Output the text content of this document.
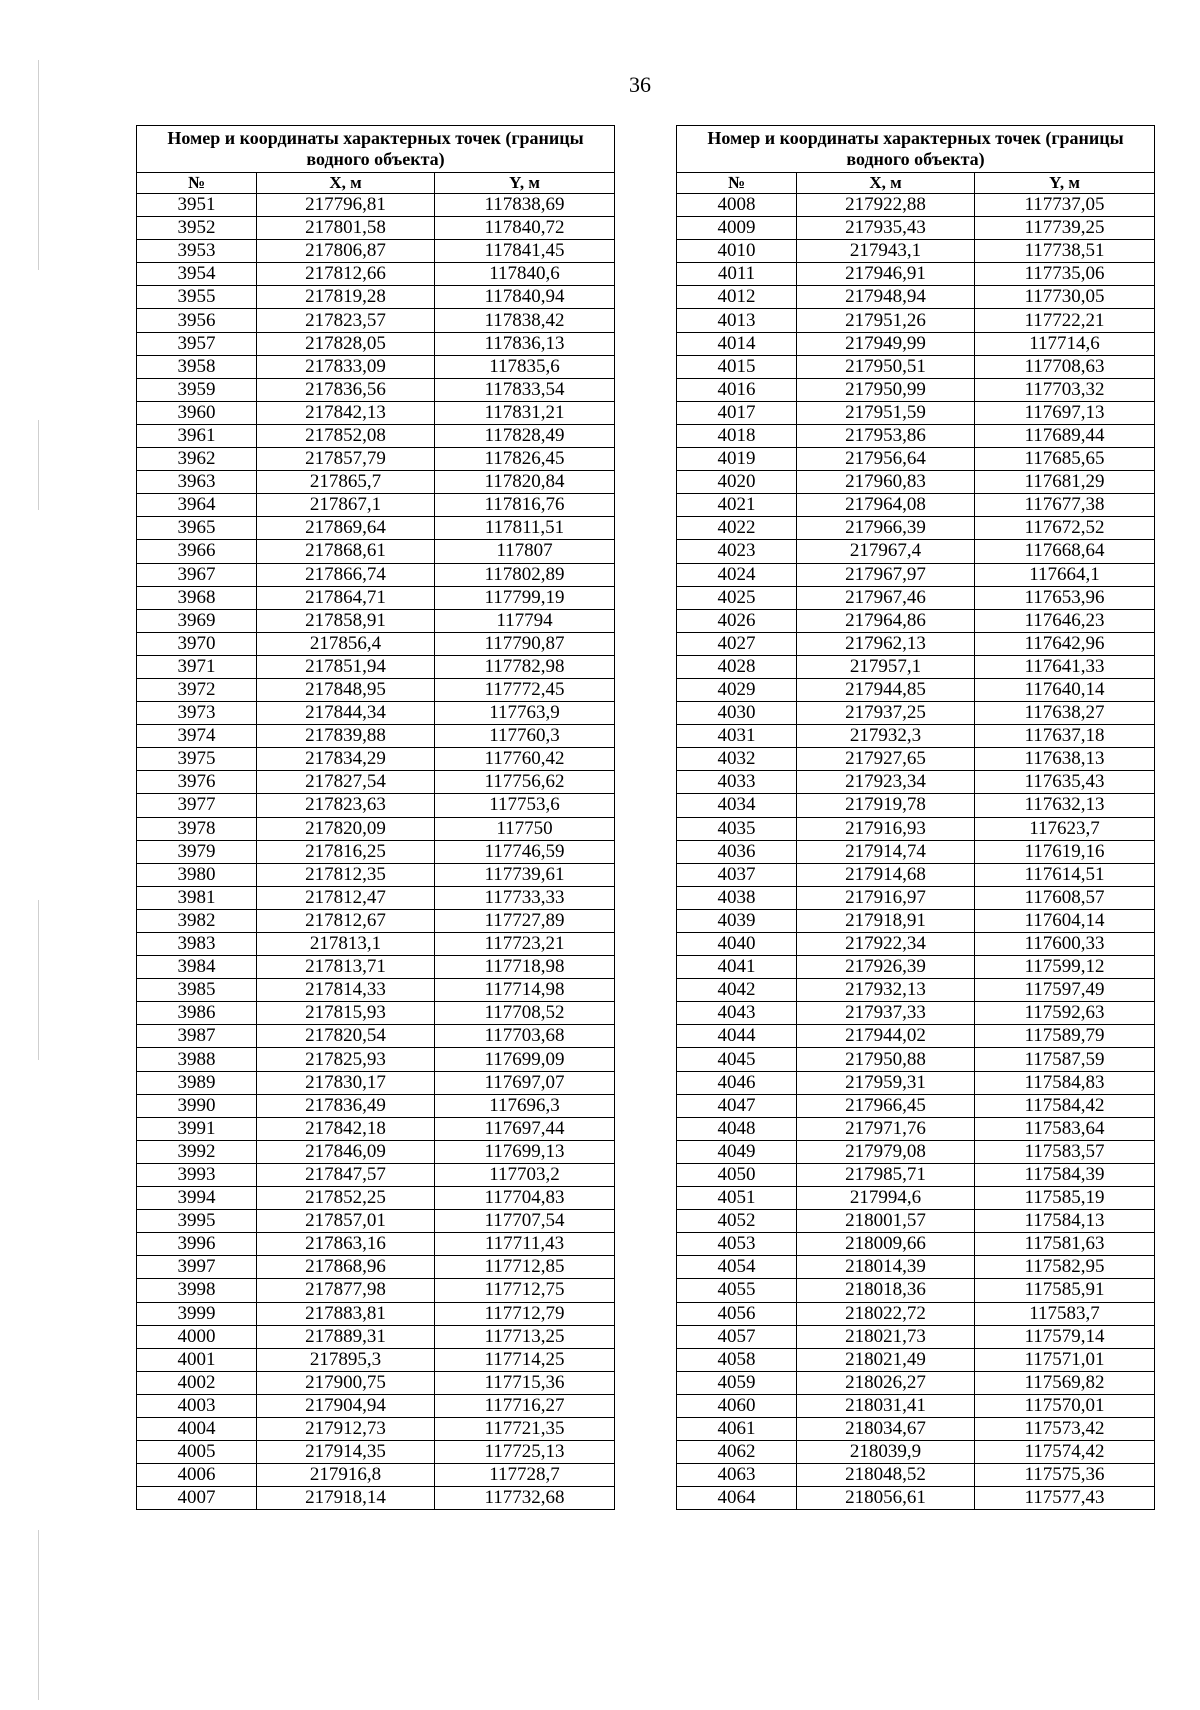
36
Номер и координаты характерных точек (границы водного объекта)		
№	X, м	Y, м
3951	217796,81	117838,69
3952	217801,58	117840,72
3953	217806,87	117841,45
3954	217812,66	117840,6
3955	217819,28	117840,94
3956	217823,57	117838,42
3957	217828,05	117836,13
3958	217833,09	117835,6
3959	217836,56	117833,54
3960	217842,13	117831,21
3961	217852,08	117828,49
3962	217857,79	117826,45
3963	217865,7	117820,84
3964	217867,1	117816,76
3965	217869,64	117811,51
3966	217868,61	117807
3967	217866,74	117802,89
3968	217864,71	117799,19
3969	217858,91	117794
3970	217856,4	117790,87
3971	217851,94	117782,98
3972	217848,95	117772,45
3973	217844,34	117763,9
3974	217839,88	117760,3
3975	217834,29	117760,42
3976	217827,54	117756,62
3977	217823,63	117753,6
3978	217820,09	117750
3979	217816,25	117746,59
3980	217812,35	117739,61
3981	217812,47	117733,33
3982	217812,67	117727,89
3983	217813,1	117723,21
3984	217813,71	117718,98
3985	217814,33	117714,98
3986	217815,93	117708,52
3987	217820,54	117703,68
3988	217825,93	117699,09
3989	217830,17	117697,07
3990	217836,49	117696,3
3991	217842,18	117697,44
3992	217846,09	117699,13
3993	217847,57	117703,2
3994	217852,25	117704,83
3995	217857,01	117707,54
3996	217863,16	117711,43
3997	217868,96	117712,85
3998	217877,98	117712,75
3999	217883,81	117712,79
4000	217889,31	117713,25
4001	217895,3	117714,25
4002	217900,75	117715,36
4003	217904,94	117716,27
4004	217912,73	117721,35
4005	217914,35	117725,13
4006	217916,8	117728,7
4007	217918,14	117732,68
Номер и координаты характерных точек (границы водного объекта)		
№	X, м	Y, м
4008	217922,88	117737,05
4009	217935,43	117739,25
4010	217943,1	117738,51
4011	217946,91	117735,06
4012	217948,94	117730,05
4013	217951,26	117722,21
4014	217949,99	117714,6
4015	217950,51	117708,63
4016	217950,99	117703,32
4017	217951,59	117697,13
4018	217953,86	117689,44
4019	217956,64	117685,65
4020	217960,83	117681,29
4021	217964,08	117677,38
4022	217966,39	117672,52
4023	217967,4	117668,64
4024	217967,97	117664,1
4025	217967,46	117653,96
4026	217964,86	117646,23
4027	217962,13	117642,96
4028	217957,1	117641,33
4029	217944,85	117640,14
4030	217937,25	117638,27
4031	217932,3	117637,18
4032	217927,65	117638,13
4033	217923,34	117635,43
4034	217919,78	117632,13
4035	217916,93	117623,7
4036	217914,74	117619,16
4037	217914,68	117614,51
4038	217916,97	117608,57
4039	217918,91	117604,14
4040	217922,34	117600,33
4041	217926,39	117599,12
4042	217932,13	117597,49
4043	217937,33	117592,63
4044	217944,02	117589,79
4045	217950,88	117587,59
4046	217959,31	117584,83
4047	217966,45	117584,42
4048	217971,76	117583,64
4049	217979,08	117583,57
4050	217985,71	117584,39
4051	217994,6	117585,19
4052	218001,57	117584,13
4053	218009,66	117581,63
4054	218014,39	117582,95
4055	218018,36	117585,91
4056	218022,72	117583,7
4057	218021,73	117579,14
4058	218021,49	117571,01
4059	218026,27	117569,82
4060	218031,41	117570,01
4061	218034,67	117573,42
4062	218039,9	117574,42
4063	218048,52	117575,36
4064	218056,61	117577,43
